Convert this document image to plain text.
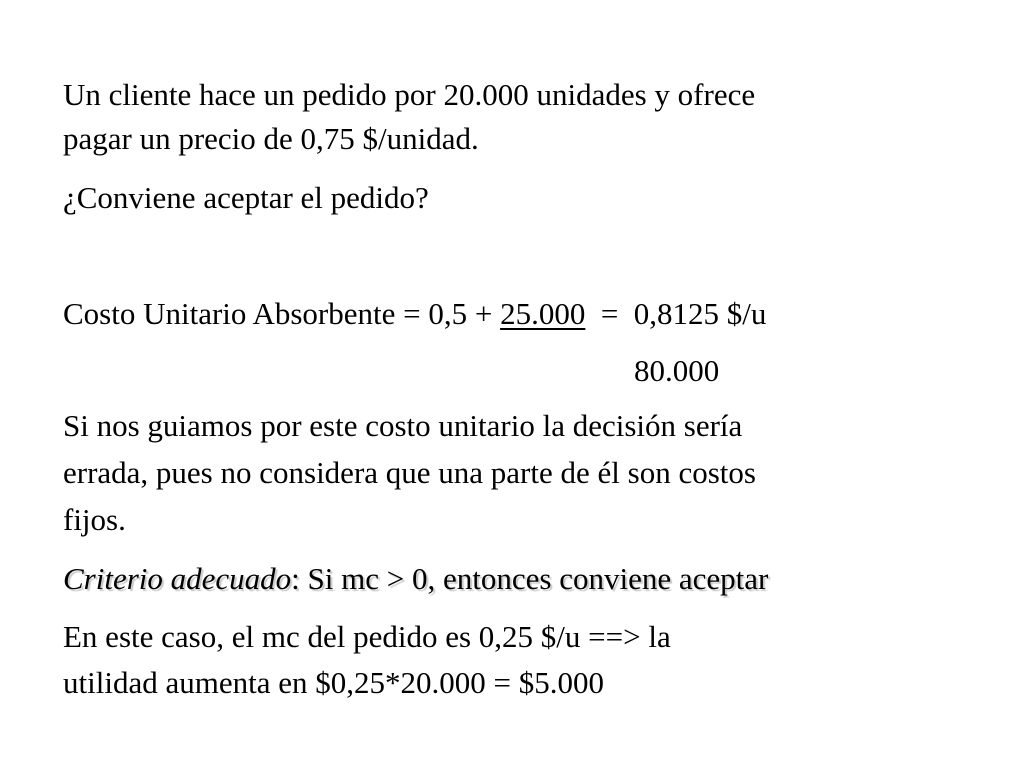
Un cliente hace un pedido por 20.000 unidades y ofrece
pagar un precio de 0,75 $/unidad.
¿Conviene aceptar el pedido?
Costo Unitario Absorbente = 0,5 + 25.000  =  0,8125 $/u
80.000
Si nos guiamos por este costo unitario la decisión sería
errada, pues no considera que una parte de él son costos
fijos.
Criterio adecuado: Si mc > 0, entonces conviene aceptar
En este caso, el mc del pedido es 0,25 $/u ==> la
utilidad aumenta en $0,25*20.000 = $5.000
